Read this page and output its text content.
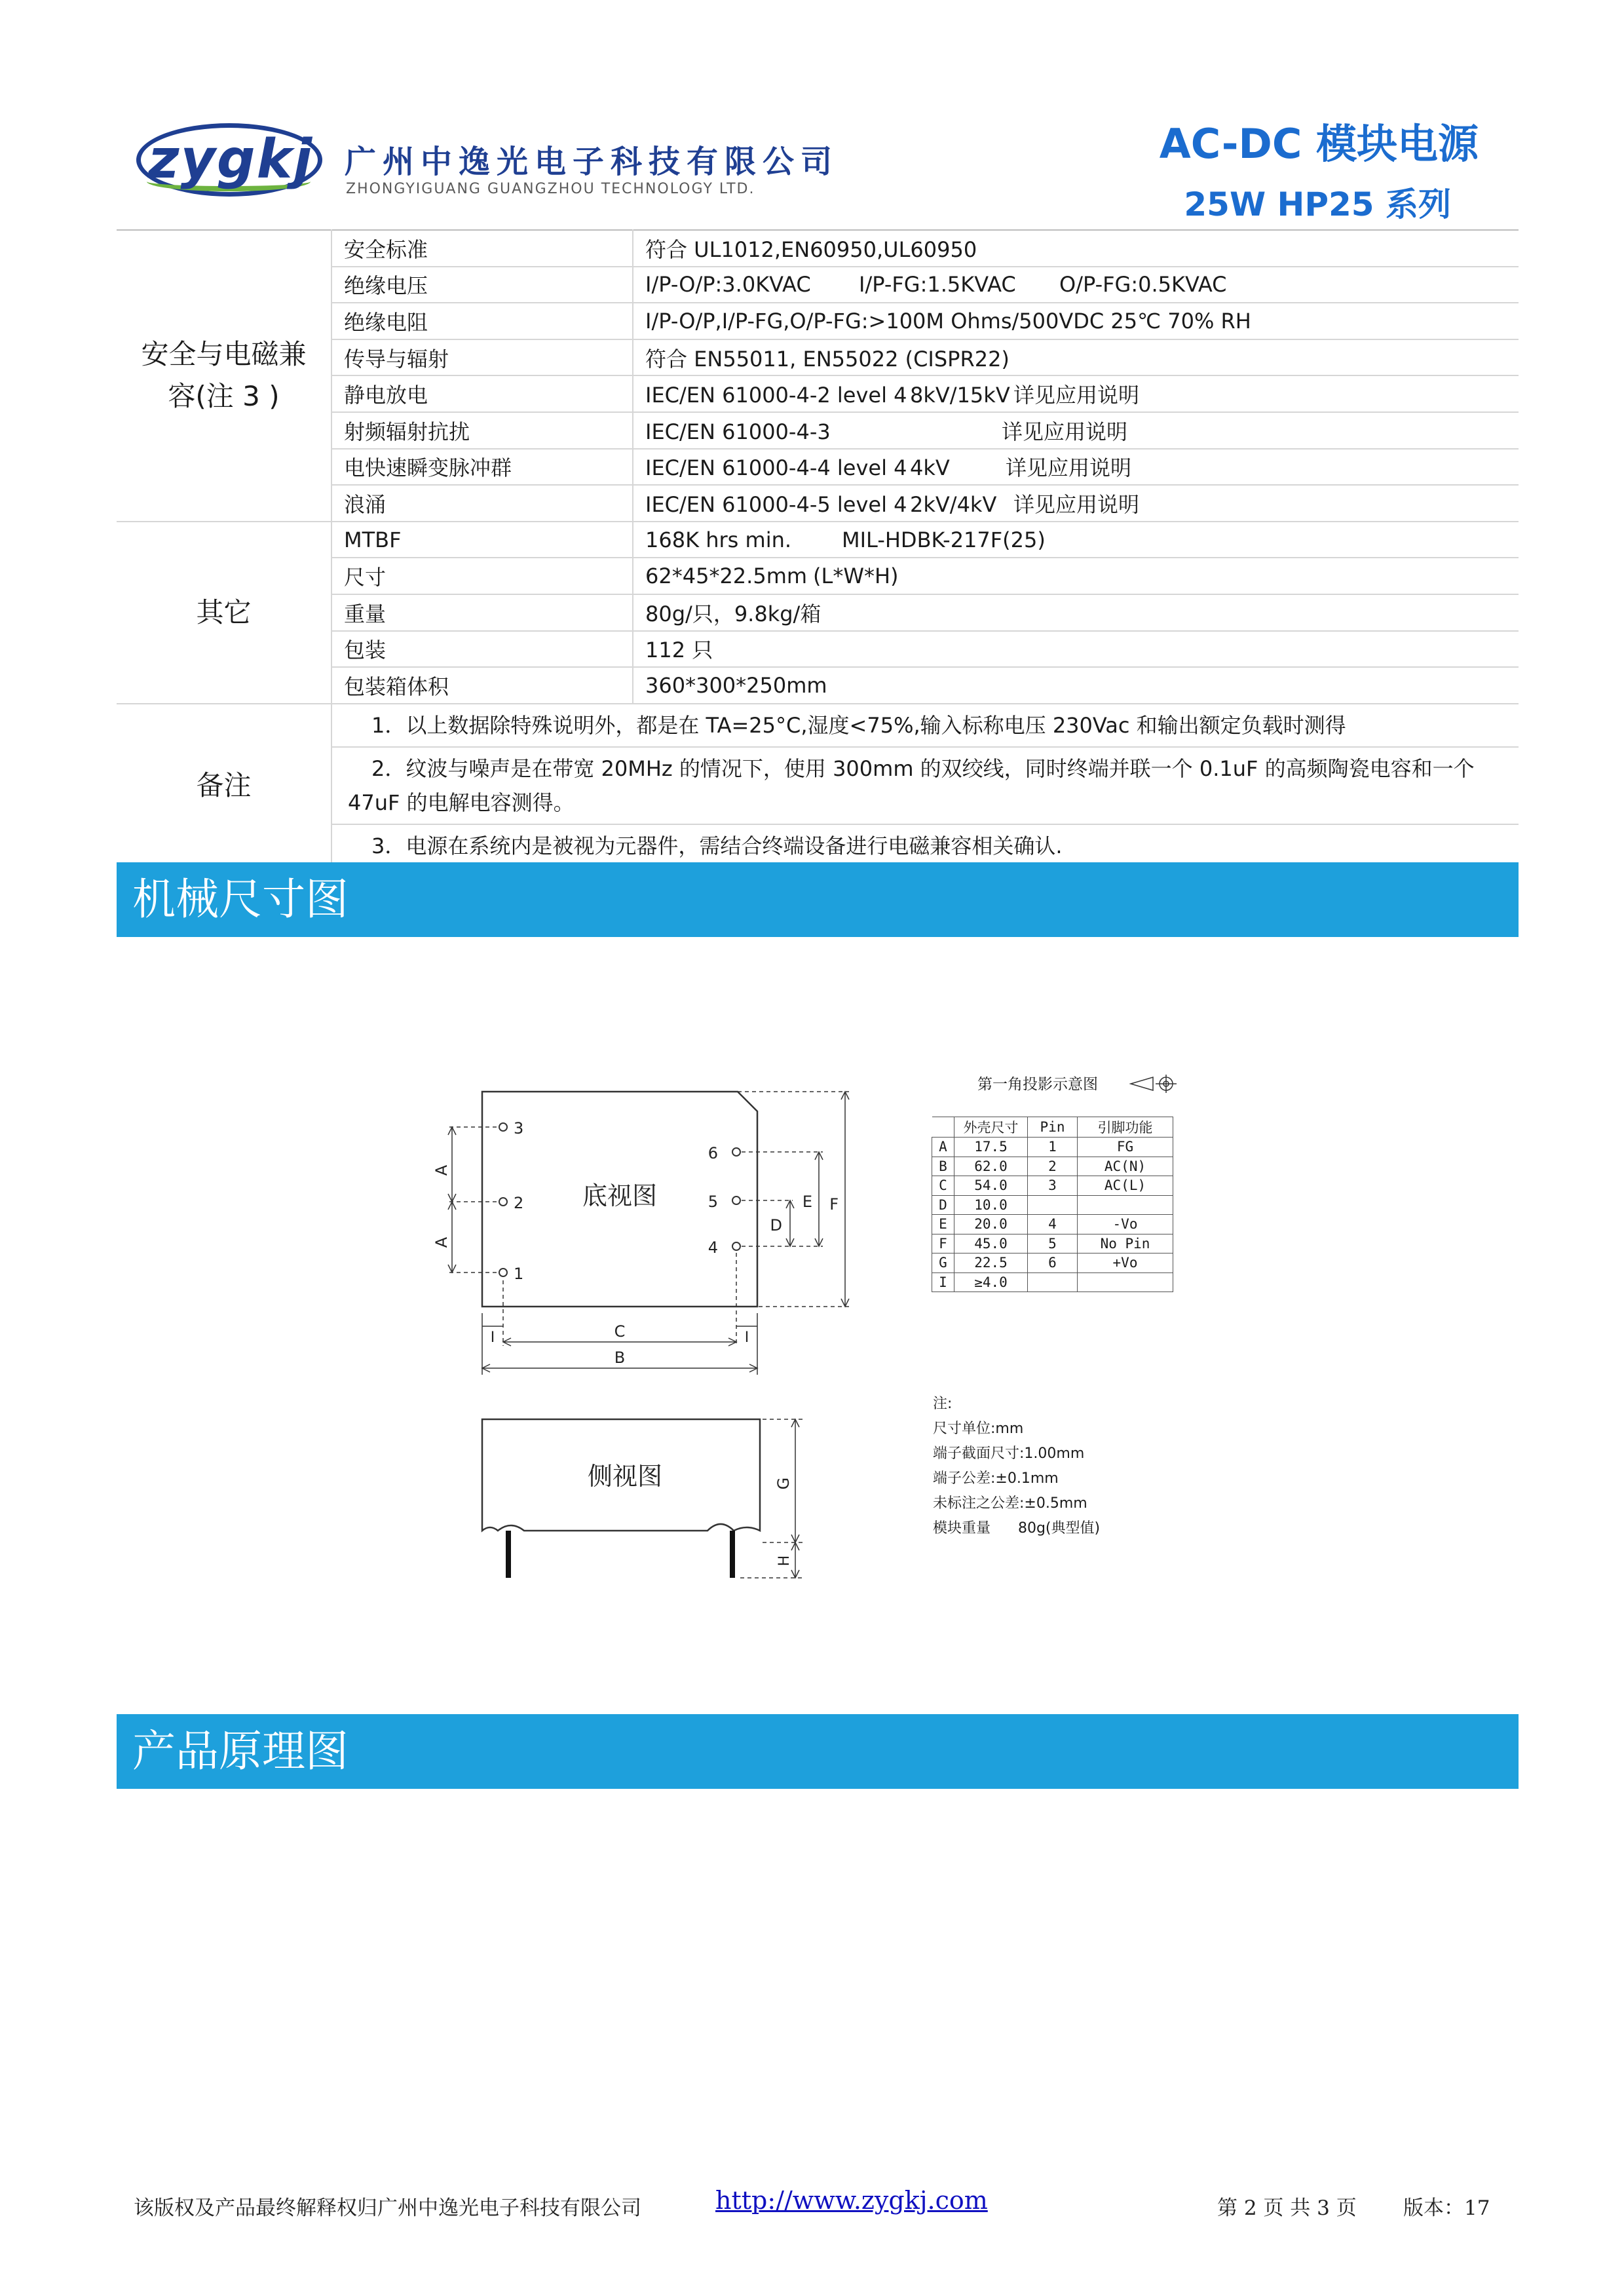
zygkj 广州中逸光电子科技有限公司
ZHONGYIGUANG GUANGZHOU TECHNOLOGY LTD.
AC-DC 模块电源
25W HP25 系列
安全与电磁兼容(注 3 )	安全标准	符合 UL1012,EN60950,UL60950
	绝缘电压	I/P-O/P:3.0KVAC I/P-FG:1.5KVAC O/P-FG:0.5KVAC
	绝缘电阻	I/P-O/P,I/P-FG,O/P-FG:>100M Ohms/500VDC 25℃ 70% RH
	传导与辐射	符合 EN55011, EN55022 (CISPR22)
	静电放电	IEC/EN 61000-4-2 level 4 8kV/15kV 详见应用说明
	射频辐射抗扰	IEC/EN 61000-4-3 详见应用说明
	电快速瞬变脉冲群	IEC/EN 61000-4-4 level 4 4kV 详见应用说明
	浪涌	IEC/EN 61000-4-5 level 4 2kV/4kV 详见应用说明
其它	MTBF	168K hrs min. MIL-HDBK-217F(25)
	尺寸	62*45*22.5mm (L*W*H)
	重量	80g/只，9.8kg/箱
	包装	112 只
	包装箱体积	360*300*250mm
备注	1．以上数据除特殊说明外，都是在 TA=25°C,湿度<75%,输入标称电压 230Vac 和输出额定负载时测得	
	2．纹波与噪声是在带宽 20MHz 的情况下，使用 300mm 的双绞线，同时终端并联一个 0.1uF 的高频陶瓷电容和一个 47uF 的电解电容测得。	
	3．电源在系统内是被视为元器件，需结合终端设备进行电磁兼容相关确认.	
机械尺寸图
产品原理图
底视图
3
2
1
6
5
4
A
A
D
E F
I	I
C
B
侧视图	G
H
第一角投影示意图
	外壳尺寸	Pin	引脚功能
A	17.5	1	FG
B	62.0	2	AC(N)
C	54.0	3	AC(L)
D	10.0		
E	20.0	4	-Vo
F	45.0	5	No Pin
G	22.5	6	+Vo
I	≥4.0		
注:
尺寸单位:mm
端子截面尺寸:1.00mm
端子公差:±0.1mm
未标注之公差:±0.5mm
模块重量      80g(典型值)
该版权及产品最终解释权归广州中逸光电子科技有限公司	http://www.zygkj.com	第 2 页 共 3 页 版本：17
